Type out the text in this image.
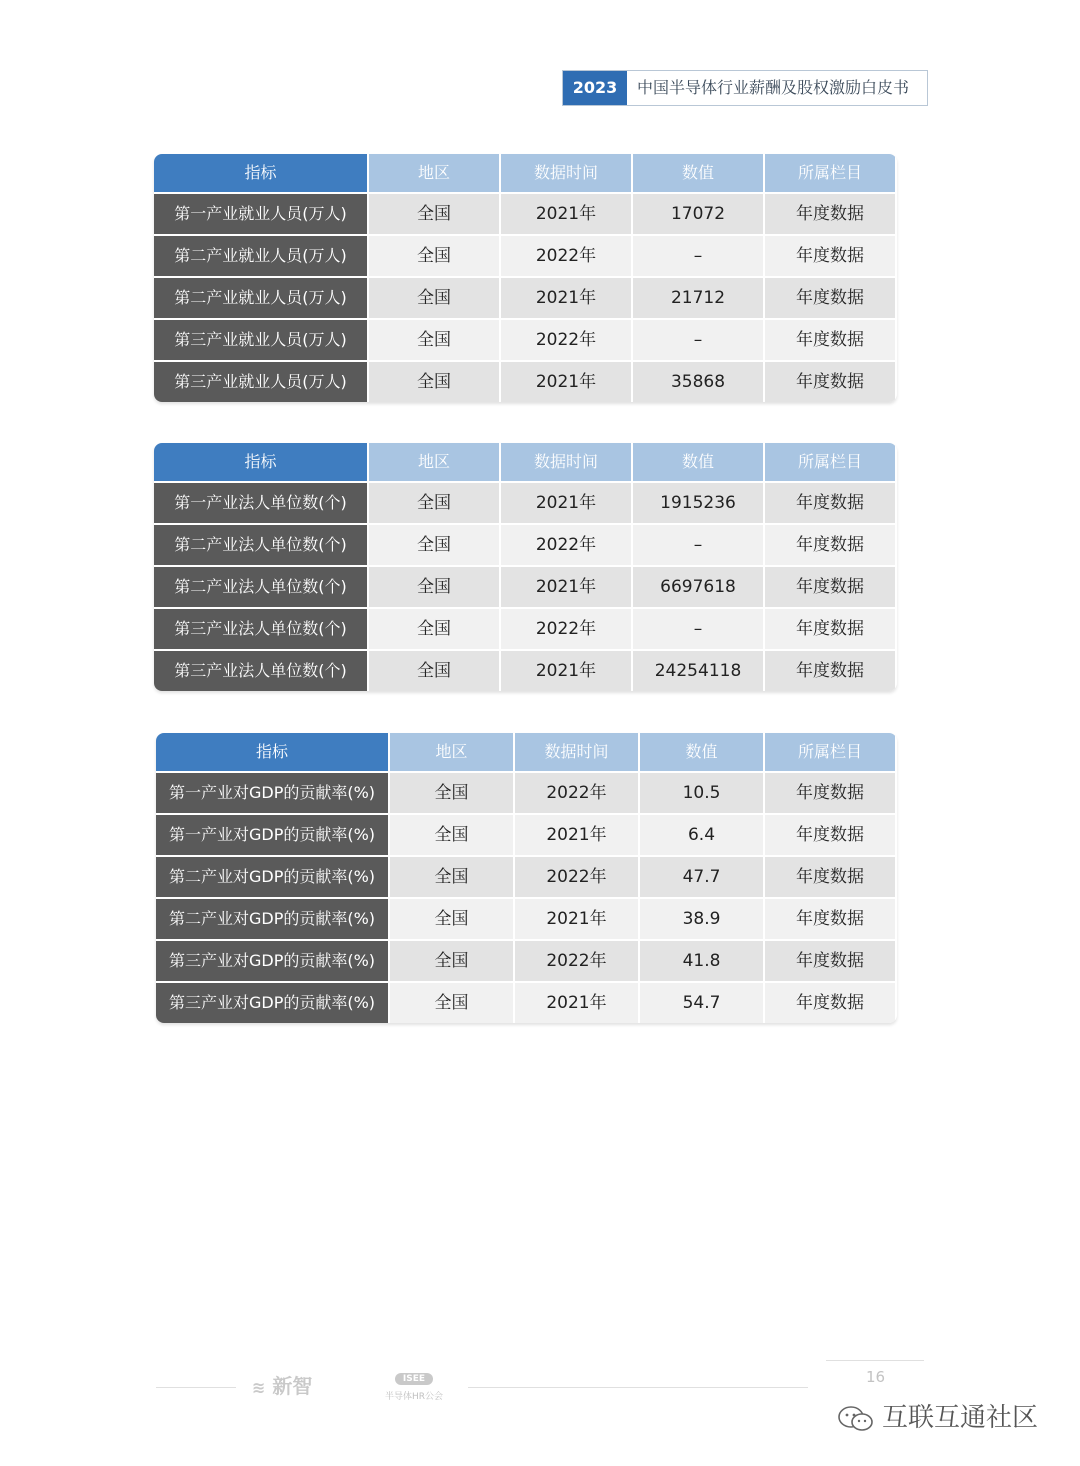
2023	中国半导体行业薪酬及股权激励白皮书
指标	地区	数据时间	数值	所属栏目
第一产业就业人员(万人)	全国	2021年	17072	年度数据
第二产业就业人员(万人)	全国	2022年	–	年度数据
第二产业就业人员(万人)	全国	2021年	21712	年度数据
第三产业就业人员(万人)	全国	2022年	–	年度数据
第三产业就业人员(万人)	全国	2021年	35868	年度数据
指标	地区	数据时间	数值	所属栏目
第一产业法人单位数(个)	全国	2021年	1915236	年度数据
第二产业法人单位数(个)	全国	2022年	–	年度数据
第二产业法人单位数(个)	全国	2021年	6697618	年度数据
第三产业法人单位数(个)	全国	2022年	–	年度数据
第三产业法人单位数(个)	全国	2021年	24254118	年度数据
指标	地区	数据时间	数值	所属栏目
第一产业对GDP的贡献率(%)	全国	2022年	10.5	年度数据
第一产业对GDP的贡献率(%)	全国	2021年	6.4	年度数据
第二产业对GDP的贡献率(%)	全国	2022年	47.7	年度数据
第二产业对GDP的贡献率(%)	全国	2021年	38.9	年度数据
第三产业对GDP的贡献率(%)	全国	2022年	41.8	年度数据
第三产业对GDP的贡献率(%)	全国	2021年	54.7	年度数据
≋ 新智	ISEE
半导体HR公会
16
互联互通社区
